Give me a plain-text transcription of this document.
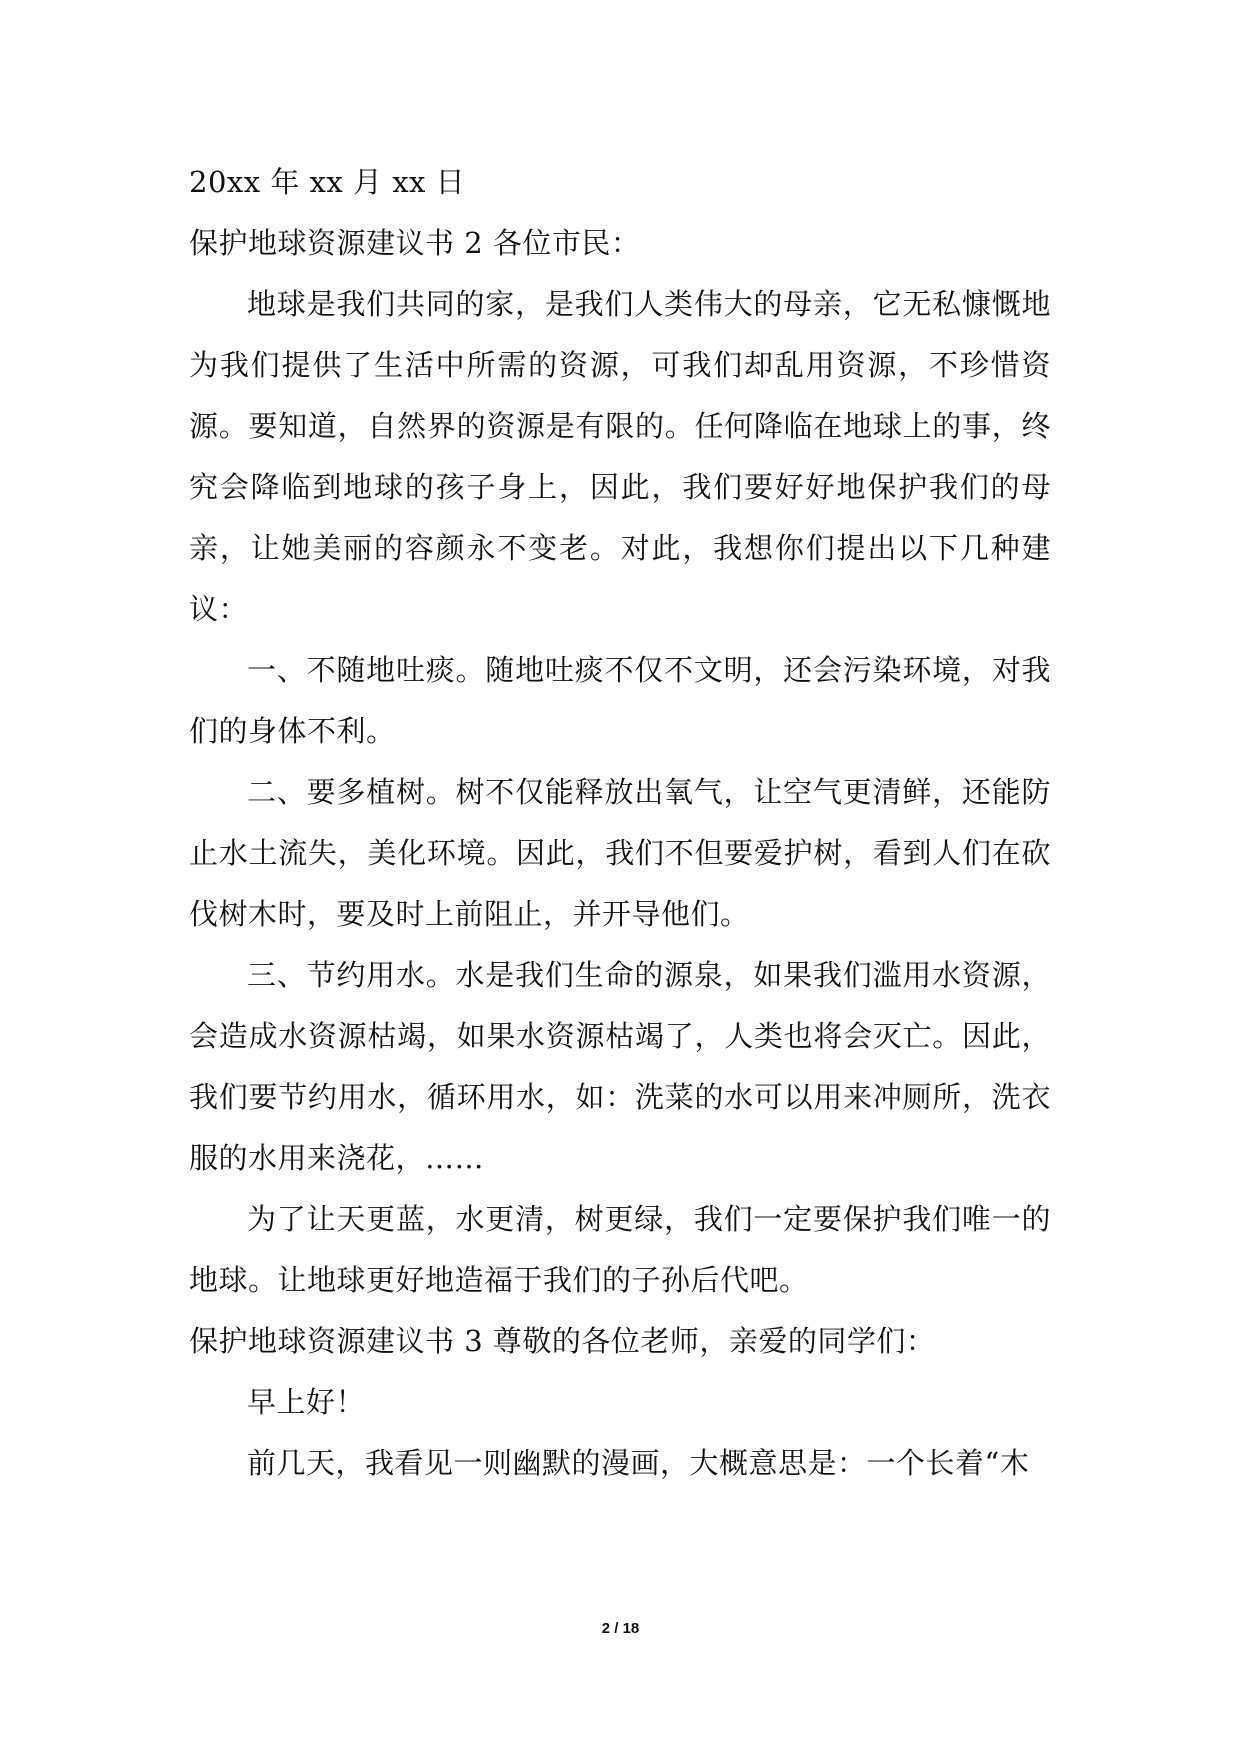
20xx 年 xx 月 xx 日
保护地球资源建议书 2 各位市民：
地球是我们共同的家，是我们人类伟大的母亲，它无私慷慨地为我们提供了生活中所需的资源，可我们却乱用资源，不珍惜资源。要知道，自然界的资源是有限的。任何降临在地球上的事，终究会降临到地球的孩子身上，因此，我们要好好地保护我们的母亲，让她美丽的容颜永不变老。对此，我想你们提出以下几种建议：
一、不随地吐痰。随地吐痰不仅不文明，还会污染环境，对我们的身体不利。
二、要多植树。树不仅能释放出氧气，让空气更清鲜，还能防止水土流失，美化环境。因此，我们不但要爱护树，看到人们在砍伐树木时，要及时上前阻止，并开导他们。
三、节约用水。水是我们生命的源泉，如果我们滥用水资源，会造成水资源枯竭，如果水资源枯竭了，人类也将会灭亡。因此，我们要节约用水，循环用水，如：洗菜的水可以用来冲厕所，洗衣服的水用来浇花，……
为了让天更蓝，水更清，树更绿，我们一定要保护我们唯一的地球。让地球更好地造福于我们的子孙后代吧。
保护地球资源建议书 3 尊敬的各位老师，亲爱的同学们：
早上好！
前几天，我看见一则幽默的漫画，大概意思是：一个长着“木
2 / 18
